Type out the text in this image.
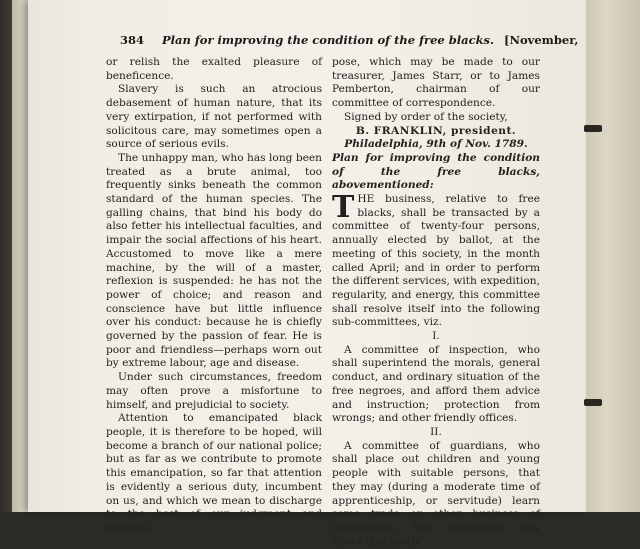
384 Plan for improving the condition of the free blacks. [November,

or relish the exalted pleasure of beneficence.

Slavery is such an atrocious debasement of human nature, that its very extirpation, if not performed with solicitous care, may sometimes open a source of serious evils.

The unhappy man, who has long been treated as a brute animal, too frequently sinks beneath the common standard of the human species. The galling chains, that bind his body do also fetter his intellectual faculties, and impair the social affections of his heart. Accustomed to move like a mere machine, by the will of a master, reflexion is suspended: he has not the power of choice; and reason and conscience have but little influence over his conduct: because he is chiefly governed by the passion of fear. He is poor and friendless—perhaps worn out by extreme labour, age and disease.

Under such circumstances, freedom may often prove a misfortune to himself, and prejudicial to society.

Attention to emancipated black people, it is therefore to be hoped, will become a branch of our national police; but as far as we contribute to promote this emancipation, so far that attention is evidently a serious duty, incumbent on us, and which we mean to discharge to the best of our judgment and abilities.

pose, which may be made to our treasurer, James Starr, or to James Pemberton, chairman of our committee of correspondence.

Signed by order of the society,

B. FRANKLIN, president.

Philadelphia, 9th of Nov. 1789.

Plan for improving the condition of the free blacks, abovementioned:

THE business, relative to free blacks, shall be transacted by a committee of twenty-four persons, annually elected by ballot, at the meeting of this society, in the month called April; and in order to perform the different services, with expedition, regularity, and energy, this committee shall resolve itself into the following sub-committees, viz.

I.

A committee of inspection, who shall superintend the morals, general conduct, and ordinary situation of the free negroes, and afford them advice and instruction; protection from wrongs; and other friendly offices.

II.

A committee of guardians, who shall place out children and young people with suitable persons, that they may (during a moderate time of apprenticeship, or servitude) learn some trade or other business of subsistence. The committee may effect this partly
